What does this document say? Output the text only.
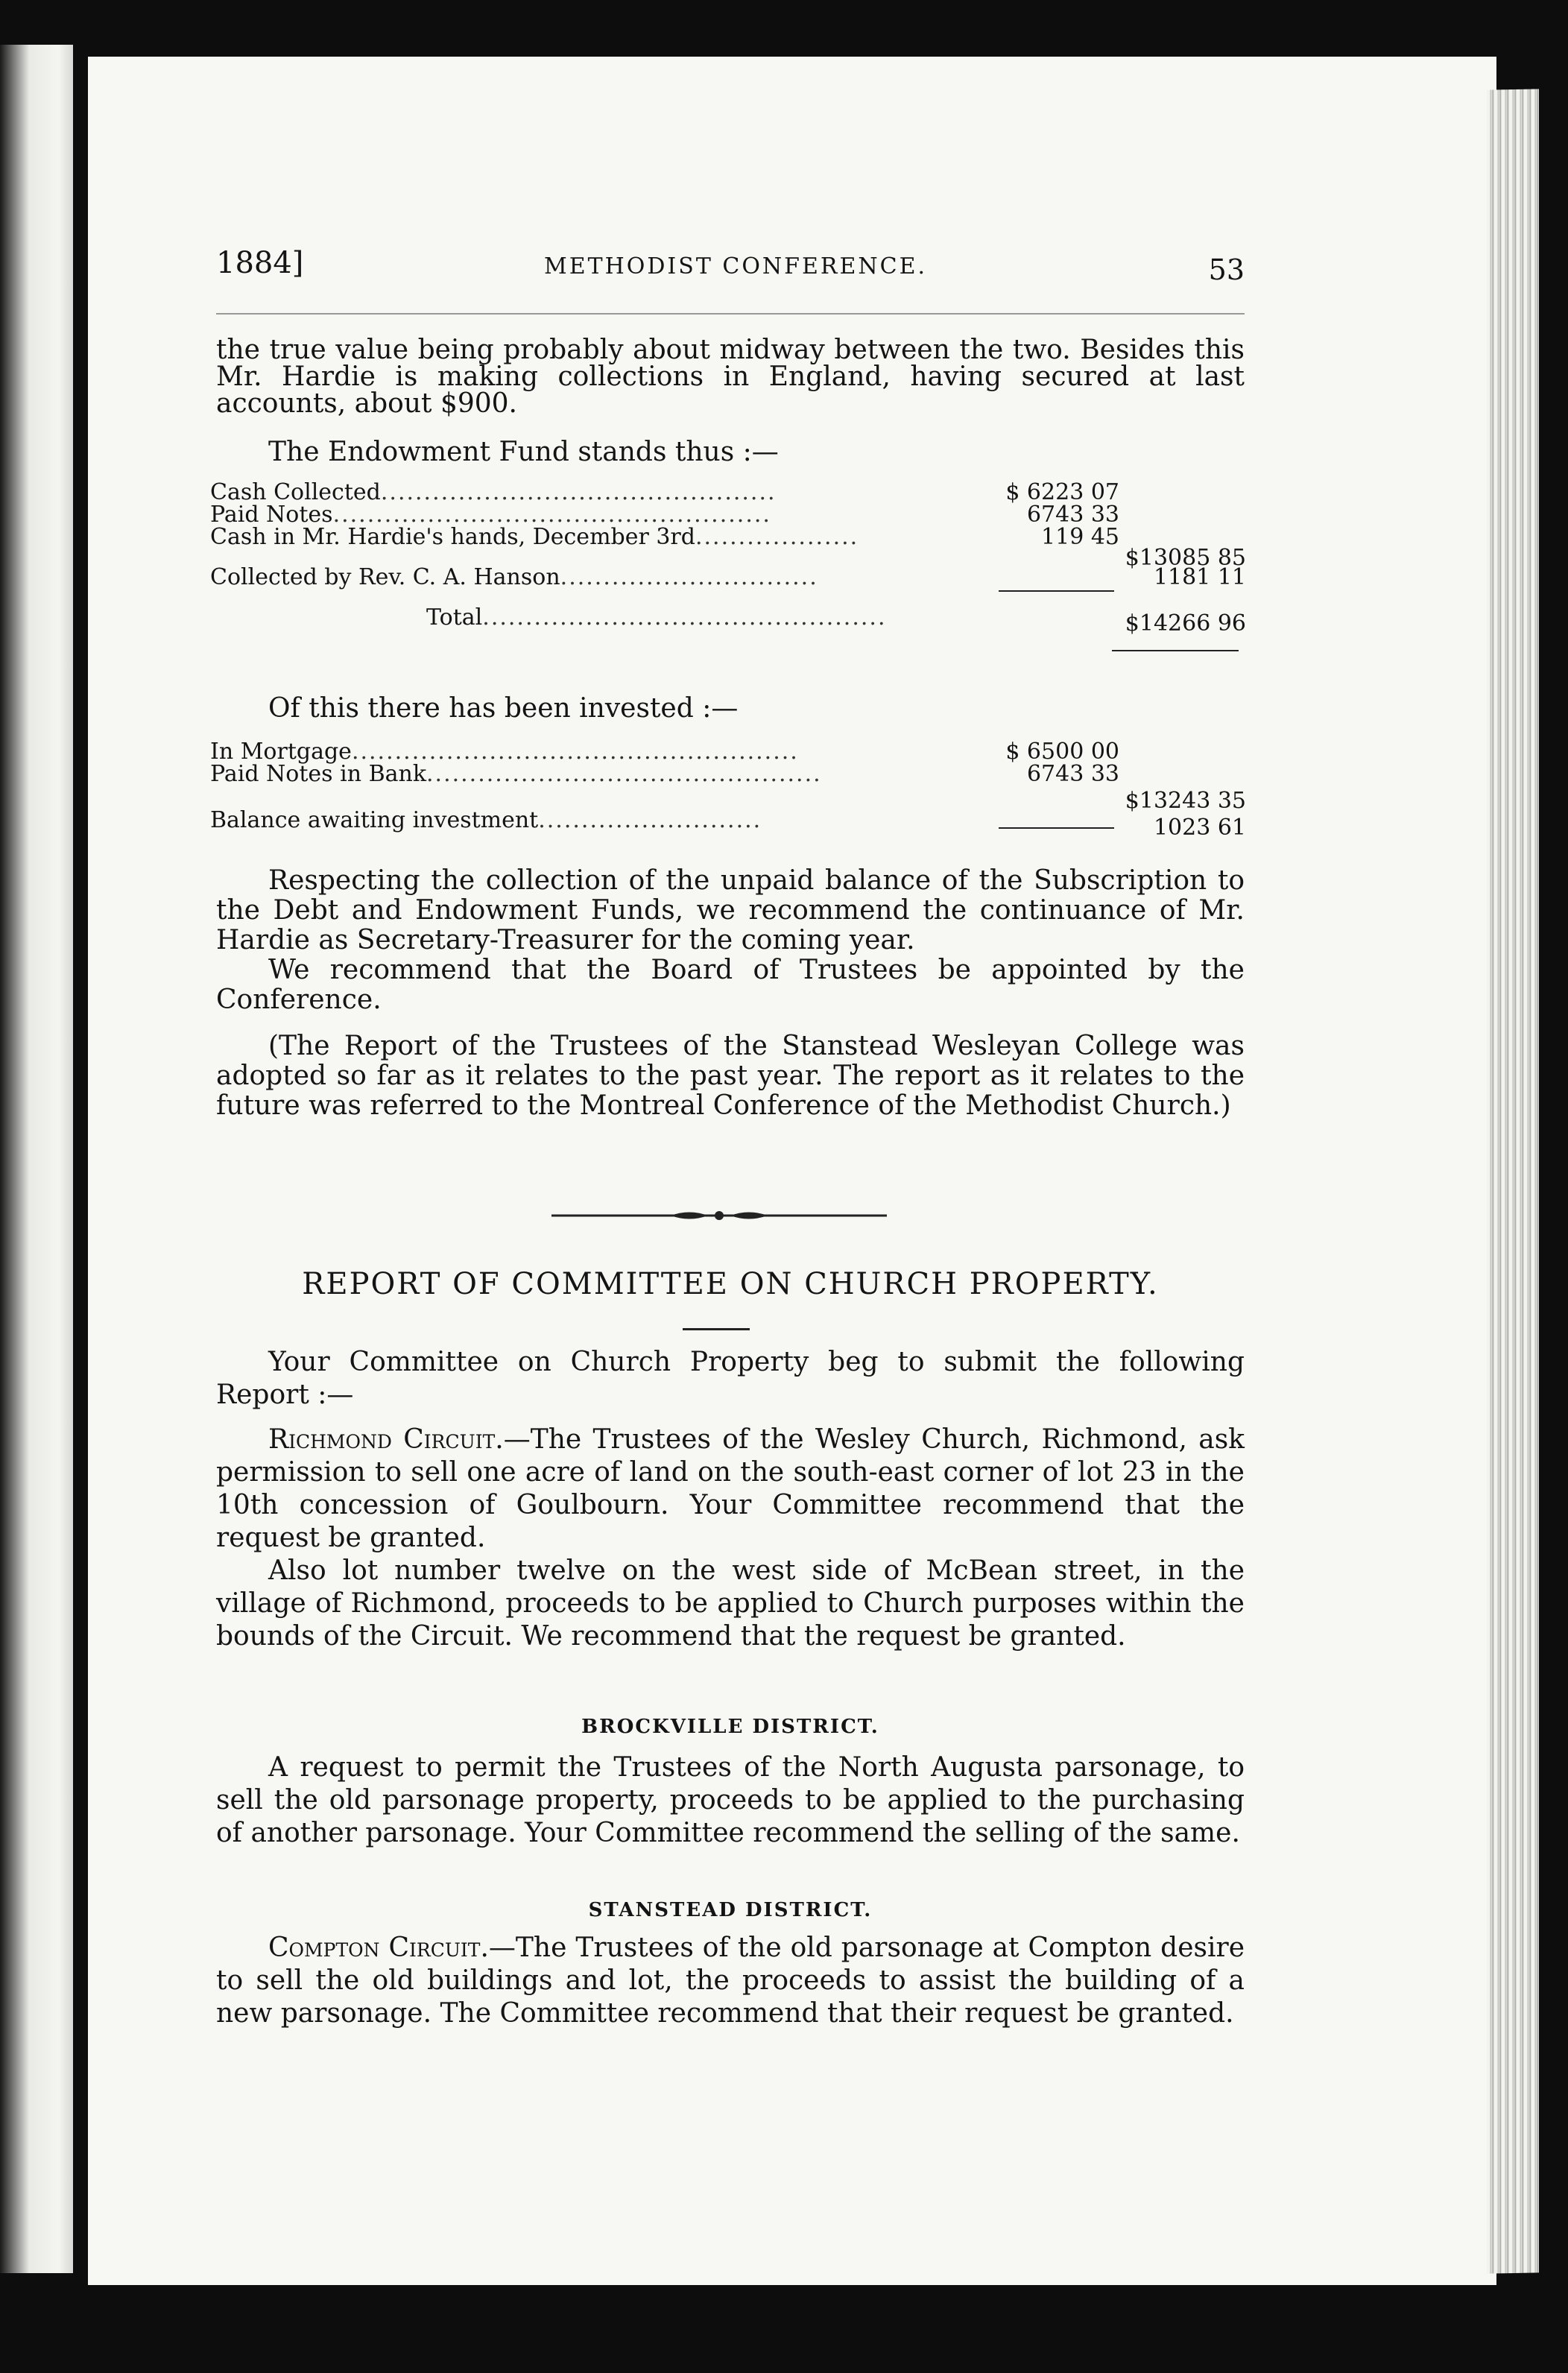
1884]	METHODIST CONFERENCE.	53

the true value being probably about midway between the two. Besides this Mr. Hardie is making collections in England, having secured at last accounts, about $900.

The Endowment Fund stands thus :—

Cash Collected..............................................	$ 6223 07
Paid Notes...................................................	6743 33
Cash in Mr. Hardie's hands, December 3rd...................	119 45
$13085 85
Collected by Rev. C. A. Hanson..............................	1181 11
Total...............................................	$14266 96

Of this there has been invested :—

In Mortgage....................................................	$ 6500 00
Paid Notes in Bank..............................................	6743 33
$13243 35
Balance awaiting investment..........................	1023 61

Respecting the collection of the unpaid balance of the Subscription to the Debt and Endowment Funds, we recommend the continuance of Mr. Hardie as Secretary-Treasurer for the coming year.

We recommend that the Board of Trustees be appointed by the Conference.

(The Report of the Trustees of the Stanstead Wesleyan College was adopted so far as it relates to the past year. The report as it relates to the future was referred to the Montreal Conference of the Methodist Church.)

REPORT OF COMMITTEE ON CHURCH PROPERTY.

Your Committee on Church Property beg to submit the following Report :—

Richmond Circuit.—The Trustees of the Wesley Church, Richmond, ask permission to sell one acre of land on the south-east corner of lot 23 in the 10th concession of Goulbourn. Your Committee recommend that the request be granted.

Also lot number twelve on the west side of McBean street, in the village of Richmond, proceeds to be applied to Church purposes within the bounds of the Circuit. We recommend that the request be granted.

BROCKVILLE DISTRICT.

A request to permit the Trustees of the North Augusta parsonage, to sell the old parsonage property, proceeds to be applied to the purchasing of another parsonage. Your Committee recommend the selling of the same.

STANSTEAD DISTRICT.

Compton Circuit.—The Trustees of the old parsonage at Compton desire to sell the old buildings and lot, the proceeds to assist the building of a new parsonage. The Committee recommend that their request be granted.
